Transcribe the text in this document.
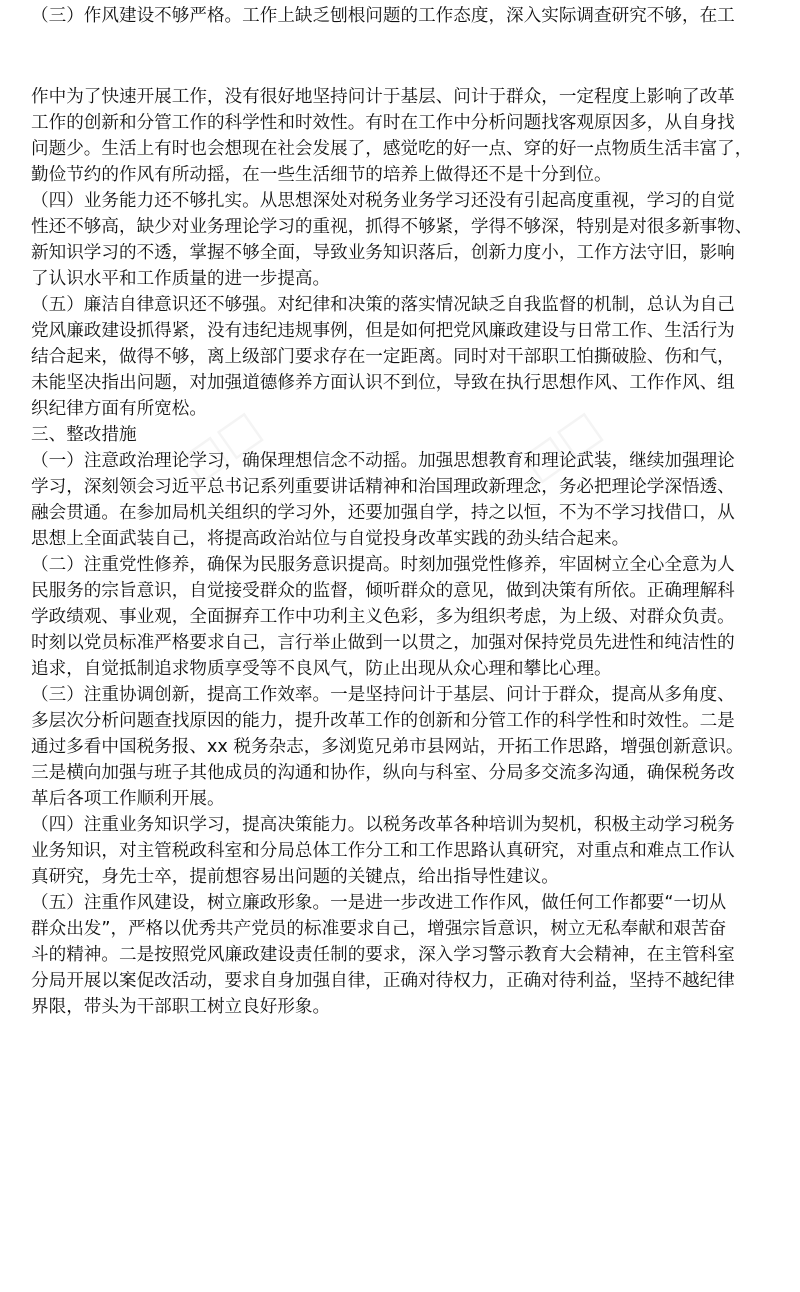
□□	□□
（三）作风建设不够严格。工作上缺乏刨根问题的工作态度，深入实际调查研究不够，在工
作中为了快速开展工作，没有很好地坚持问计于基层、问计于群众，一定程度上影响了改革
工作的创新和分管工作的科学性和时效性。有时在工作中分析问题找客观原因多，从自身找
问题少。生活上有时也会想现在社会发展了，感觉吃的好一点、穿的好一点物质生活丰富了，
勤俭节约的作风有所动摇，在一些生活细节的培养上做得还不是十分到位。
（四）业务能力还不够扎实。从思想深处对税务业务学习还没有引起高度重视，学习的自觉
性还不够高，缺少对业务理论学习的重视，抓得不够紧，学得不够深，特别是对很多新事物、
新知识学习的不透，掌握不够全面，导致业务知识落后，创新力度小，工作方法守旧，影响
了认识水平和工作质量的进一步提高。
（五）廉洁自律意识还不够强。对纪律和决策的落实情况缺乏自我监督的机制，总认为自己
党风廉政建设抓得紧，没有违纪违规事例，但是如何把党风廉政建设与日常工作、生活行为
结合起来，做得不够，离上级部门要求存在一定距离。同时对干部职工怕撕破脸、伤和气，
未能坚决指出问题，对加强道德修养方面认识不到位，导致在执行思想作风、工作作风、组
织纪律方面有所宽松。
三、整改措施
（一）注意政治理论学习，确保理想信念不动摇。加强思想教育和理论武装，继续加强理论
学习，深刻领会习近平总书记系列重要讲话精神和治国理政新理念，务必把理论学深悟透、
融会贯通。在参加局机关组织的学习外，还要加强自学，持之以恒，不为不学习找借口，从
思想上全面武装自己，将提高政治站位与自觉投身改革实践的劲头结合起来。
（二）注重党性修养，确保为民服务意识提高。时刻加强党性修养，牢固树立全心全意为人
民服务的宗旨意识，自觉接受群众的监督，倾听群众的意见，做到决策有所依。正确理解科
学政绩观、事业观，全面摒弃工作中功利主义色彩，多为组织考虑，为上级、对群众负责。
时刻以党员标准严格要求自己，言行举止做到一以贯之，加强对保持党员先进性和纯洁性的
追求，自觉抵制追求物质享受等不良风气，防止出现从众心理和攀比心理。
（三）注重协调创新，提高工作效率。一是坚持问计于基层、问计于群众，提高从多角度、
多层次分析问题查找原因的能力，提升改革工作的创新和分管工作的科学性和时效性。二是
通过多看中国税务报、xx 税务杂志，多浏览兄弟市县网站，开拓工作思路，增强创新意识。
三是横向加强与班子其他成员的沟通和协作，纵向与科室、分局多交流多沟通，确保税务改
革后各项工作顺利开展。
（四）注重业务知识学习，提高决策能力。以税务改革各种培训为契机，积极主动学习税务
业务知识，对主管税政科室和分局总体工作分工和工作思路认真研究，对重点和难点工作认
真研究，身先士卒，提前想容易出问题的关键点，给出指导性建议。
（五）注重作风建设，树立廉政形象。一是进一步改进工作作风，做任何工作都要“一切从
群众出发”，严格以优秀共产党员的标准要求自己，增强宗旨意识，树立无私奉献和艰苦奋
斗的精神。二是按照党风廉政建设责任制的要求，深入学习警示教育大会精神，在主管科室
分局开展以案促改活动，要求自身加强自律，正确对待权力，正确对待利益，坚持不越纪律
界限，带头为干部职工树立良好形象。
